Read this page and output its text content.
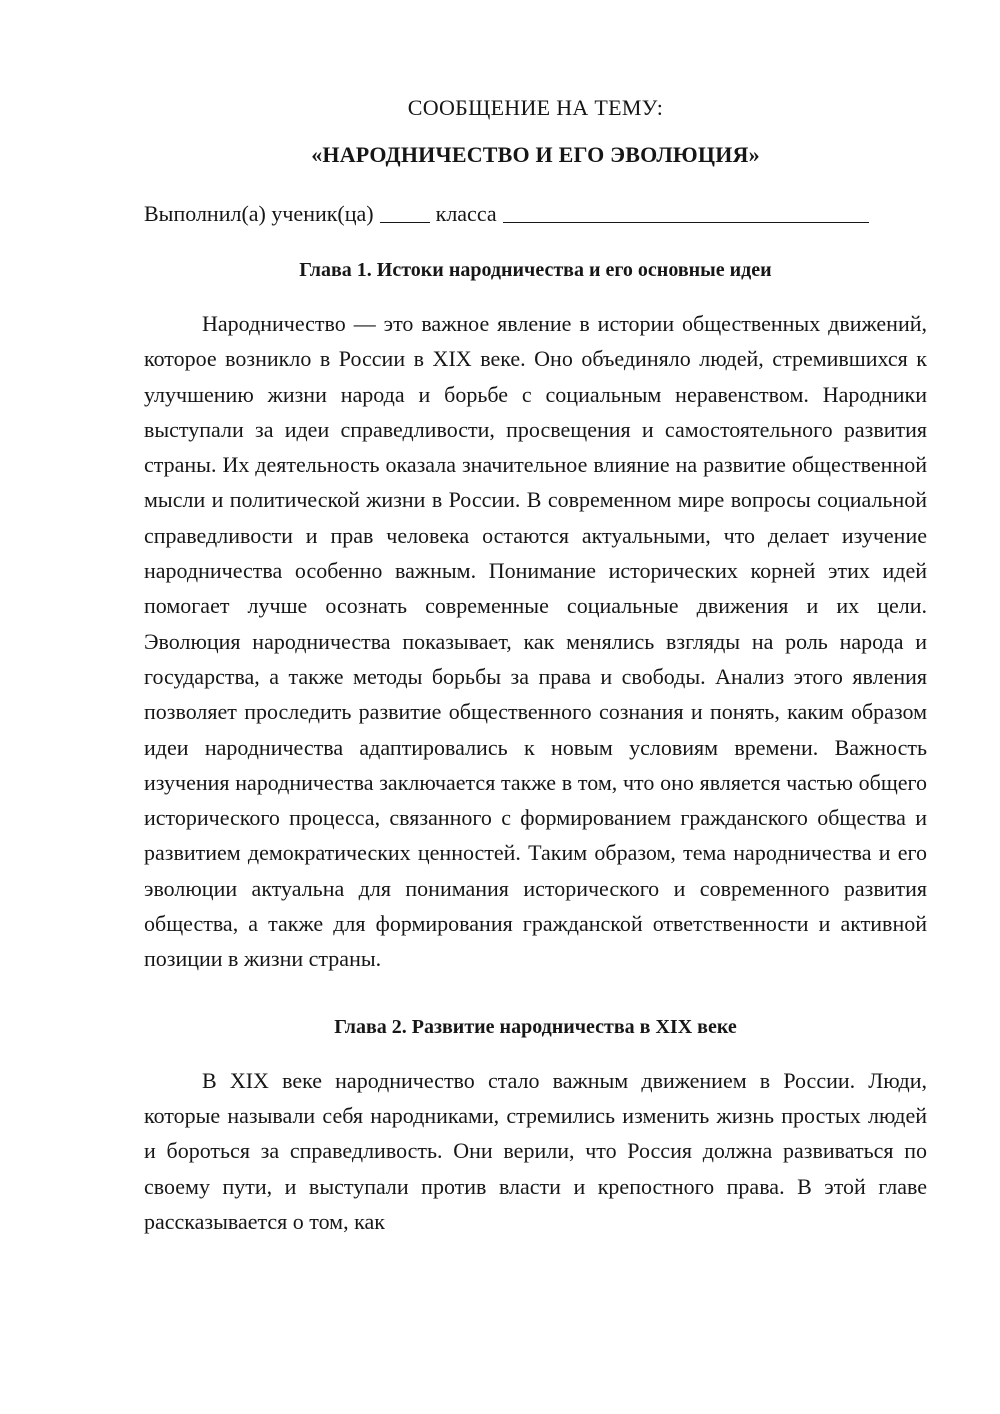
СООБЩЕНИЕ НА ТЕМУ:

«НАРОДНИЧЕСТВО И ЕГО ЭВОЛЮЦИЯ»

Выполнил(а) ученик(ца)	класса
Глава 1. Истоки народничества и его основные идеи

Народничество — это важное явление в истории общественных движений, которое возникло в России в XIX веке. Оно объединяло людей, стремившихся к улучшению жизни народа и борьбе с социальным неравенством. Народники выступали за идеи справедливости, просвещения и самостоятельного развития страны. Их деятельность оказала значительное влияние на развитие общественной мысли и политической жизни в России. В современном мире вопросы социальной справедливости и прав человека остаются актуальными, что делает изучение народничества особенно важным. Понимание исторических корней этих идей помогает лучше осознать современные социальные движения и их цели. Эволюция народничества показывает, как менялись взгляды на роль народа и государства, а также методы борьбы за права и свободы. Анализ этого явления позволяет проследить развитие общественного сознания и понять, каким образом идеи народничества адаптировались к новым условиям времени. Важность изучения народничества заключается также в том, что оно является частью общего исторического процесса, связанного с формированием гражданского общества и развитием демократических ценностей. Таким образом, тема народничества и его эволюции актуальна для понимания исторического и современного развития общества, а также для формирования гражданской ответственности и активной позиции в жизни страны.

Глава 2. Развитие народничества в XIX веке

В XIX веке народничество стало важным движением в России. Люди, которые называли себя народниками, стремились изменить жизнь простых людей и бороться за справедливость. Они верили, что Россия должна развиваться по своему пути, и выступали против власти и крепостного права. В этой главе рассказывается о том, как
